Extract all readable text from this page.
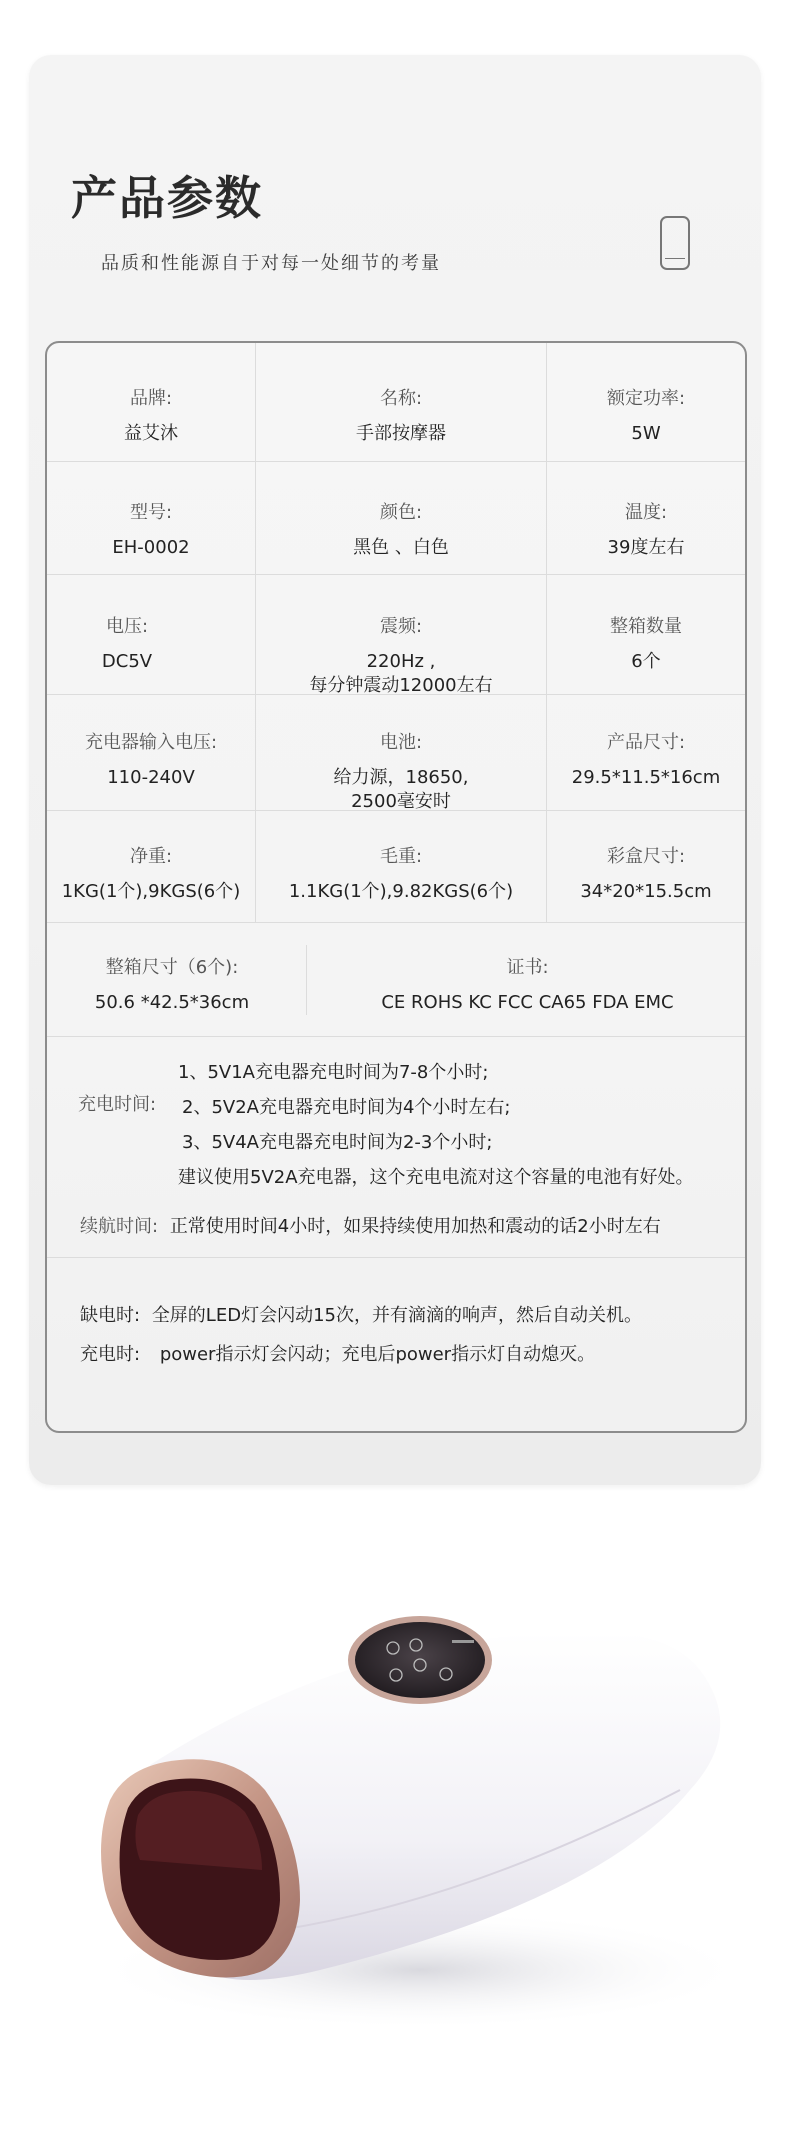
产品参数
品质和性能源自于对每一处细节的考量
品牌:
益艾沐
名称:
手部按摩器
额定功率:
5W
型号:
EH-0002
颜色:
黑色 、白色
温度:
39度左右
电压:
DC5V
震频:
220Hz ,
每分钟震动12000左右
整箱数量
6个
充电器输入电压:
110-240V
电池:
给力源，18650,
2500毫安时
产品尺寸:
29.5*11.5*16cm
净重:
1KG(1个),9KGS(6个)
毛重:
1.1KG(1个),9.82KGS(6个)
彩盒尺寸:
34*20*15.5cm
整箱尺寸（6个):
50.6 *42.5*36cm
证书:
CE ROHS KC FCC CA65 FDA EMC
充电时间:
1、5V1A充电器充电时间为7-8个小时;
2、5V2A充电器充电时间为4个小时左右;
3、5V4A充电器充电时间为2-3个小时;
建议使用5V2A充电器，这个充电电流对这个容量的电池有好处。
续航时间: 正常使用时间4小时，如果持续使用加热和震动的话2小时左右
缺电时: 全屏的LED灯会闪动15次，并有滴滴的响声，然后自动关机。
充电时: power指示灯会闪动；充电后power指示灯自动熄灭。
